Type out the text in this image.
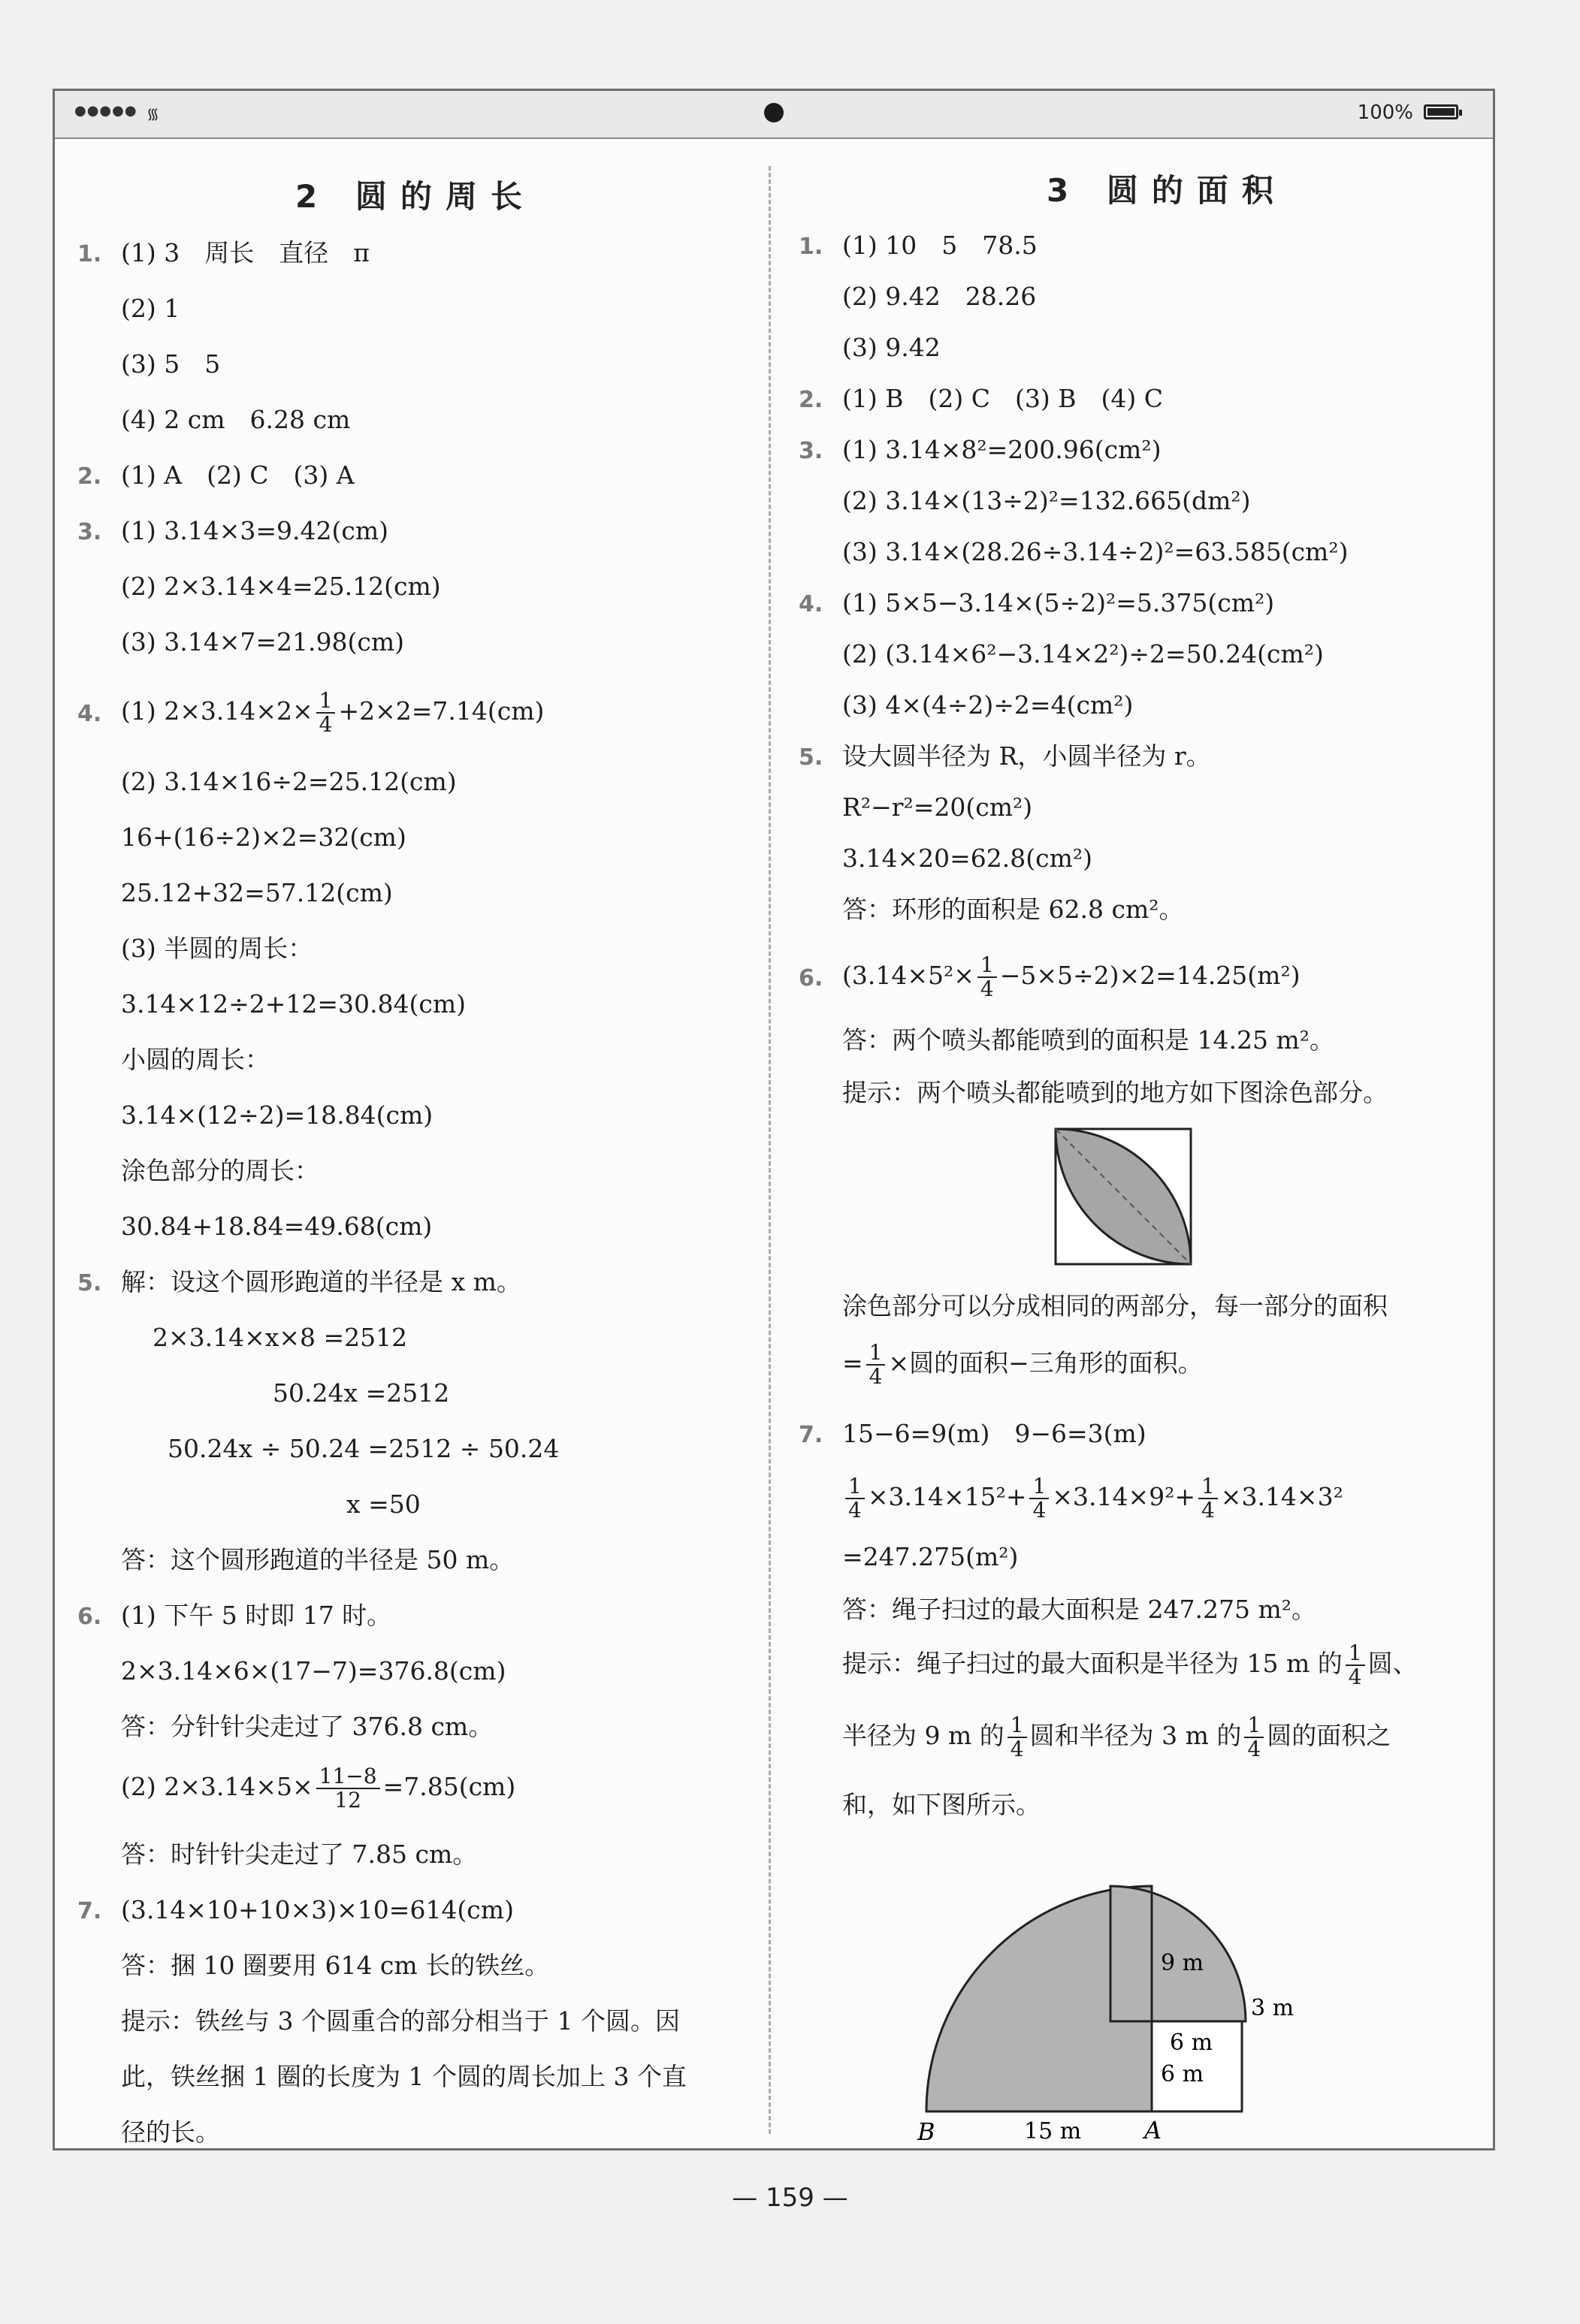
●●●●● ᯾	100%
2 圆的周长
1. (1) 3　周长　直径　π
(2) 1
(3) 5　5
(4) 2 cm　6.28 cm
2. (1) A　(2) C　(3) A
3. (1) 3.14×3=9.42(cm)
(2) 2×3.14×4=25.12(cm)
(3) 3.14×7=21.98(cm)
4. (1) $2\times 3.14\times 2\times \frac{1}{4} +2\times 2=7.14(cm)$
(2) 3.14×16÷2=25.12(cm)
16+(16÷2)×2=32(cm)
25.12+32=57.12(cm)
(3) 半圆的周长：
3.14×12÷2+12=30.84(cm)
小圆的周长：
3.14×(12÷2)=18.84(cm)
涂色部分的周长：
30.84+18.84=49.68(cm)
5. 解：设这个圆形跑道的半径是 x m。
2×3.14×x×8 =2512
50.24x =2512
50.24x ÷ 50.24 =2512 ÷ 50.24
x =50
答：这个圆形跑道的半径是 50 m。
6. (1) 下午 5 时即 17 时。
2×3.14×6×(17−7)=376.8(cm)
答：分针针尖走过了 376.8 cm。
(2) $2\times 3.14\times 5\times \frac{11-8}{12} =7.85(cm)$
答：时针针尖走过了 7.85 cm。
7. (3.14×10+10×3)×10=614(cm)
答：捆 10 圈要用 614 cm 长的铁丝。
提示：铁丝与 3 个圆重合的部分相当于 1 个圆。因
此，铁丝捆 1 圈的长度为 1 个圆的周长加上 3 个直
径的长。
3 圆的面积
1. (1) 10　5　78.5
(2) 9.42　28.26
(3) 9.42
2. (1) B　(2) C　(3) B　(4) C
3. (1) 3.14×8²=200.96(cm²)
(2) 3.14×(13÷2)²=132.665(dm²)
(3) 3.14×(28.26÷3.14÷2)²=63.585(cm²)
4. (1) 5×5−3.14×(5÷2)²=5.375(cm²)
(2) (3.14×6²−3.14×2²)÷2=50.24(cm²)
(3) 4×(4÷2)÷2=4(cm²)
5. 设大圆半径为 R，小圆半径为 r。
R²−r²=20(cm²)
3.14×20=62.8(cm²)
答：环形的面积是 62.8 cm²。
6. $(3.14\times 5^2\times \frac{1}{4} -5\times 5\div 2)\times 2=14.25(m^2)$
答：两个喷头都能喷到的面积是 14.25 m²。
提示：两个喷头都能喷到的地方如下图涂色部分。
涂色部分可以分成相同的两部分，每一部分的面积
= $\frac{1}{4}$ ×圆的面积−三角形的面积。
7. 15−6=9(m)　9−6=3(m)
$\frac{1}{4} \times 3.14\times 15^2+ \frac{1}{4} \times 3.14\times 9^2+ \frac{1}{4} \times 3.14\times 3^2$
=247.275(m²)
答：绳子扫过的最大面积是 247.275 m²。
提示：绳子扫过的最大面积是半径为 15 m 的 $\frac{1}{4}$ 圆、
半径为 9 m 的 $\frac{1}{4}$ 圆和半径为 3 m 的 $\frac{1}{4}$ 圆的面积之
和，如下图所示。
9 m
3 m
6 m
6 m
15 m
B	A
— 159 —
